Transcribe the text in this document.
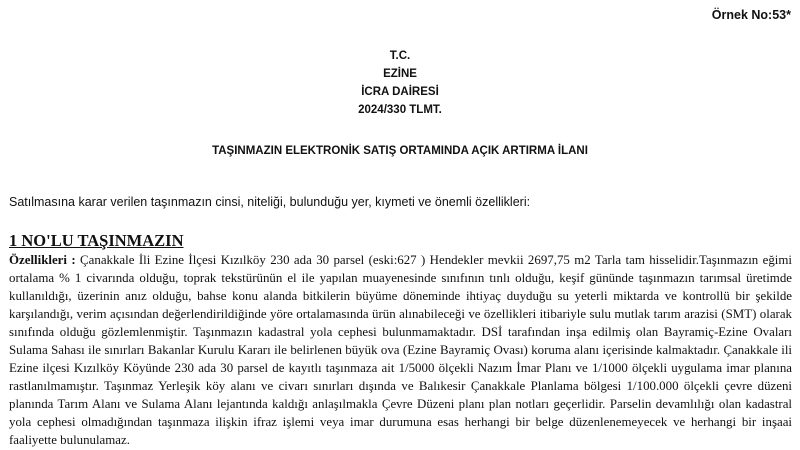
Örnek No:53*
T.C.
EZİNE
İCRA DAİRESİ
2024/330 TLMT.
TAŞINMAZIN ELEKTRONİK SATIŞ ORTAMINDA AÇIK ARTIRMA İLANI
Satılmasına karar verilen taşınmazın cinsi, niteliği, bulunduğu yer, kıymeti ve önemli özellikleri:
1 NO'LU TAŞINMAZIN
Özellikleri : Çanakkale İli Ezine İlçesi Kızılköy 230 ada 30 parsel (eski:627 ) Hendekler mevkii 2697,75 m2 Tarla tam hisselidir.Taşınmazın eğimi ortalama % 1 civarında olduğu, toprak tekstürünün el ile yapılan muayenesinde sınıfının tınlı olduğu, keşif gününde taşınmazın tarımsal üretimde kullanıldığı, üzerinin anız olduğu, bahse konu alanda bitkilerin büyüme döneminde ihtiyaç duyduğu su yeterli miktarda ve kontrollü bir şekilde karşılandığı, verim açısından değerlendirildiğinde yöre ortalamasında ürün alınabileceği ve özellikleri itibariyle sulu mutlak tarım arazisi (SMT) olarak sınıfında olduğu gözlemlenmiştir. Taşınmazın kadastral yola cephesi bulunmamaktadır. DSİ tarafından inşa edilmiş olan Bayramiç-Ezine Ovaları Sulama Sahası ile sınırları Bakanlar Kurulu Kararı ile belirlenen büyük ova (Ezine Bayramiç Ovası) koruma alanı içerisinde kalmaktadır. Çanakkale ili Ezine ilçesi Kızılköy Köyünde 230 ada 30 parsel de kayıtlı taşınmaza ait 1/5000 ölçekli Nazım İmar Planı ve 1/1000 ölçekli uygulama imar planına rastlanılmamıştır. Taşınmaz Yerleşik köy alanı ve civarı sınırları dışında ve Balıkesir Çanakkale Planlama bölgesi 1/100.000 ölçekli çevre düzeni planında Tarım Alanı ve Sulama Alanı lejantında kaldığı anlaşılmakla Çevre Düzeni planı plan notları geçerlidir. Parselin devamlılığı olan kadastral yola cephesi olmadığından taşınmaza ilişkin ifraz işlemi veya imar durumuna esas herhangi bir belge düzenlenemeyecek ve herhangi bir inşaai faaliyette bulunulamaz.
